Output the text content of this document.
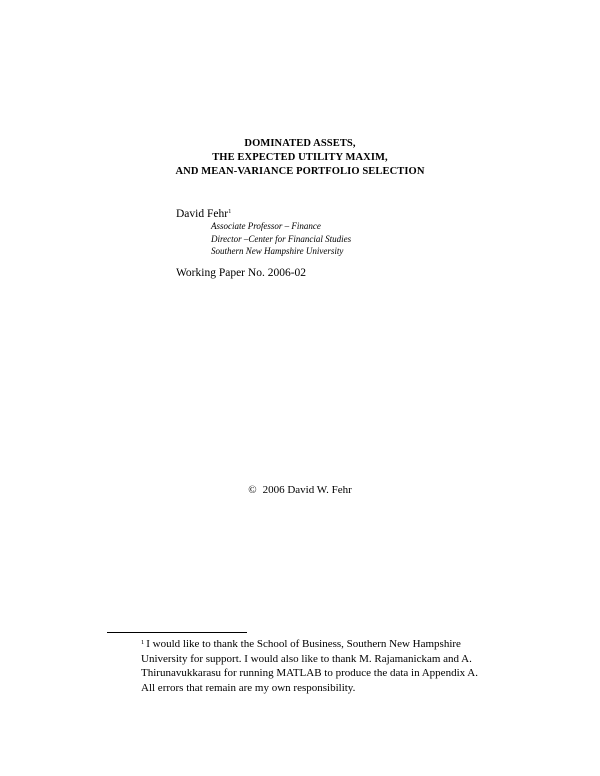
DOMINATED ASSETS,
THE EXPECTED UTILITY MAXIM,
AND MEAN-VARIANCE PORTFOLIO SELECTION
David Fehr$^1$
Associate Professor – Finance
Director –Center for Financial Studies
Southern New Hampshire University
Working Paper No. 2006-02
© 2006 David W. Fehr
$^1$ I would like to thank the School of Business, Southern New Hampshire
University for support. I would also like to thank M. Rajamanickam and A.
Thirunavukkarasu for running MATLAB to produce the data in Appendix A.
All errors that remain are my own responsibility.
